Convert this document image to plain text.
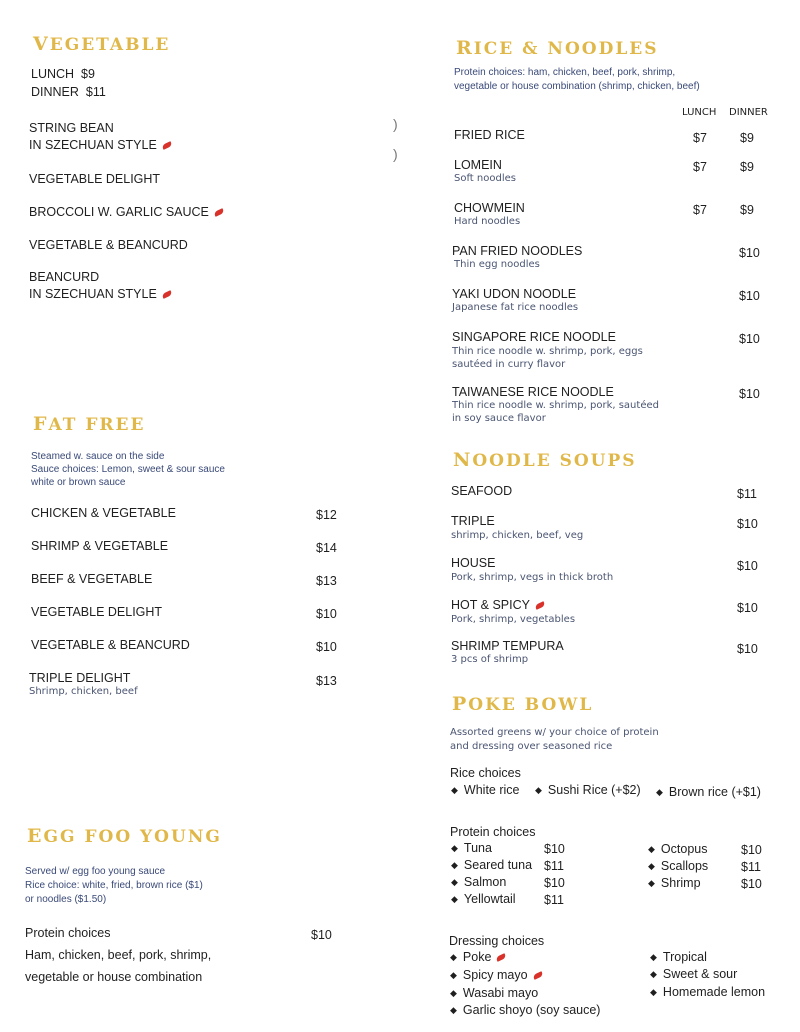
VEGETABLE
LUNCH $9
DINNER $11
STRING BEAN
IN SZECHUAN STYLE
VEGETABLE DELIGHT
BROCCOLI W. GARLIC SAUCE
VEGETABLE & BEANCURD
BEANCURD
IN SZECHUAN STYLE
)
)
FAT FREE
Steamed w. sauce on the side
Sauce choices: Lemon, sweet & sour sauce
white or brown sauce
CHICKEN & VEGETABLE	$12
SHRIMP & VEGETABLE	$14
BEEF & VEGETABLE	$13
VEGETABLE DELIGHT	$10
VEGETABLE & BEANCURD	$10
TRIPLE DELIGHT	$13
Shrimp, chicken, beef
EGG FOO YOUNG
Served w/ egg foo young sauce
Rice choice: white, fried, brown rice ($1)
or noodles ($1.50)
Protein choices	$10
Ham, chicken, beef, pork, shrimp,
vegetable or house combination
RICE & NOODLES
Protein choices: ham, chicken, beef, pork, shrimp,
vegetable or house combination (shrimp, chicken, beef)
LUNCH DINNER
FRIED RICE	$7	$9
LOMEIN
Soft noodles
$7	$9
CHOWMEIN
Hard noodles
$7	$9
PAN FRIED NOODLES
Thin egg noodles
$10
YAKI UDON NOODLE
Japanese fat rice noodles
$10
SINGAPORE RICE NOODLE
Thin rice noodle w. shrimp, pork, eggs
sautéed in curry flavor
$10
TAIWANESE RICE NOODLE
Thin rice noodle w. shrimp, pork, sautéed
in soy sauce flavor
$10
NOODLE SOUPS
SEAFOOD	$11
TRIPLE
shrimp, chicken, beef, veg
$10
HOUSE
Pork, shrimp, vegs in thick broth
$10
HOT & SPICY
Pork, shrimp, vegetables
$10
SHRIMP TEMPURA
3 pcs of shrimp
$10
POKE BOWL
Assorted greens w/ your choice of protein
and dressing over seasoned rice
Rice choices
◆ White rice ◆ Sushi Rice (+$2) ◆ Brown rice (+$1)
Protein choices
◆ Tuna	$10
◆ Seared tuna $11
◆ Salmon	$10
◆ Yellowtail $11
◆ Octopus	$10
◆ Scallops	$11
◆ Shrimp	$10
Dressing choices
◆ Poke
◆ Spicy mayo
◆ Wasabi mayo
◆ Garlic shoyo (soy sauce)
◆ Tropical
◆ Sweet & sour
◆ Homemade lemon
